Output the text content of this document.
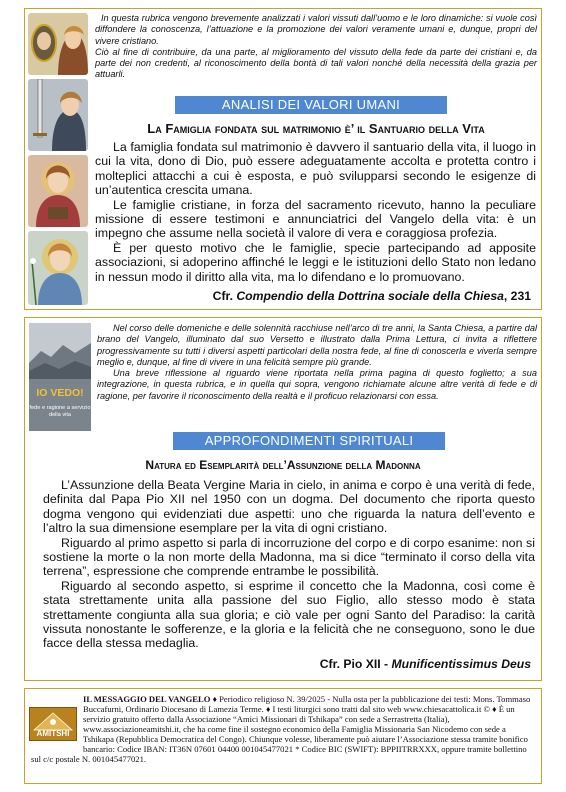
In questa rubrica vengono brevemente analizzati i valori vissuti dall’uomo e le loro dinamiche: si vuole così diffondere la conoscenza, l’attuazione e la promozione dei valori veramente umani e, dunque, propri del vivere cristiano.

Ciò al fine di contribuire, da una parte, al miglioramento del vissuto della fede da parte dei cristiani e, da parte dei non credenti, al riconoscimento della bontà di tali valori nonché della necessità della grazia per attuarli.

ANALISI DEI VALORI UMANI
La Famiglia fondata sul matrimonio è’ il Santuario della Vita

La famiglia fondata sul matrimonio è davvero il santuario della vita, il luogo in cui la vita, dono di Dio, può essere adeguatamente accolta e protetta contro i molteplici attacchi a cui è esposta, e può svilupparsi secondo le esigenze di un’autentica crescita umana.

Le famiglie cristiane, in forza del sacramento ricevuto, hanno la peculiare missione di essere testimoni e annunciatrici del Vangelo della vita: è un impegno che assume nella società il valore di vera e coraggiosa profezia.

È per questo motivo che le famiglie, specie partecipando ad apposite associazioni, si adoperino affinché le leggi e le istituzioni dello Stato non ledano in nessun modo il diritto alla vita, ma lo difendano e lo promuovano.

Cfr. Compendio della Dottrina sociale della Chiesa, 231
IO VEDO!
fede e ragione a servizio della vita

Nel corso delle domeniche e delle solennità racchiuse nell’arco di tre anni, la Santa Chiesa, a partire dal brano del Vangelo, illuminato dal suo Versetto e illustrato dalla Prima Lettura, ci invita a riflettere progressivamente su tutti i diversi aspetti particolari della nostra fede, al fine di conoscerla e viverla sempre meglio e, dunque, al fine di vivere in una felicità sempre più grande.

Una breve riflessione al riguardo viene riportata nella prima pagina di questo foglietto; a sua integrazione, in questa rubrica, e in quella qui sopra, vengono richiamate alcune altre verità di fede e di ragione, per favorire il riconoscimento della realtà e il proficuo relazionarsi con essa.

APPROFONDIMENTI SPIRITUALI
Natura ed Esemplarità dell’Assunzione della Madonna

L’Assunzione della Beata Vergine Maria in cielo, in anima e corpo è una verità di fede, definita dal Papa Pio XII nel 1950 con un dogma. Del documento che riporta questo dogma vengono qui evidenziati due aspetti: uno che riguarda la natura dell’evento e l’altro la sua dimensione esemplare per la vita di ogni cristiano.

Riguardo al primo aspetto si parla di incorruzione del corpo e di corpo esanime: non si sostiene la morte o la non morte della Madonna, ma si dice “terminato il corso della vita terrena”, espressione che comprende entrambe le possibilità.

Riguardo al secondo aspetto, si esprime il concetto che la Madonna, così come è stata strettamente unita alla passione del suo Figlio, allo stesso modo è stata strettamente congiunta alla sua gloria; e ciò vale per ogni Santo del Paradiso: la carità vissuta nonostante le sofferenze, e la gloria e la felicità che ne conseguono, sono le due facce della stessa medaglia.

Cfr. Pio XII - Munificentissimus Deus
AMITSHI
IL MESSAGGIO DEL VANGELO ♦ Periodico religioso N. 39/2025 - Nulla osta per la pubblicazione dei testi: Mons. Tommaso Buccafurni, Ordinario Diocesano di Lamezia Terme. ♦ I testi liturgici sono tratti dal sito web www.chiesacattolica.it © ♦ È un servizio gratuito offerto dalla Associazione “Amici Missionari di Tshikapa” con sede a Serrastretta (Italia), www.associazioneamitshi.it, che ha come fine il sostegno economico della Famiglia Missionaria San Nicodemo con sede a Tshikapa (Repubblica Democratica del Congo). Chiunque volesse, liberamente può aiutare l’Associazione stessa tramite bonifico bancario: Codice IBAN: IT36N 07601 04400 001045477021 * Codice BIC (SWIFT): BPPIITRRXXX, oppure tramite bollettino sul c/c postale N. 001045477021.
